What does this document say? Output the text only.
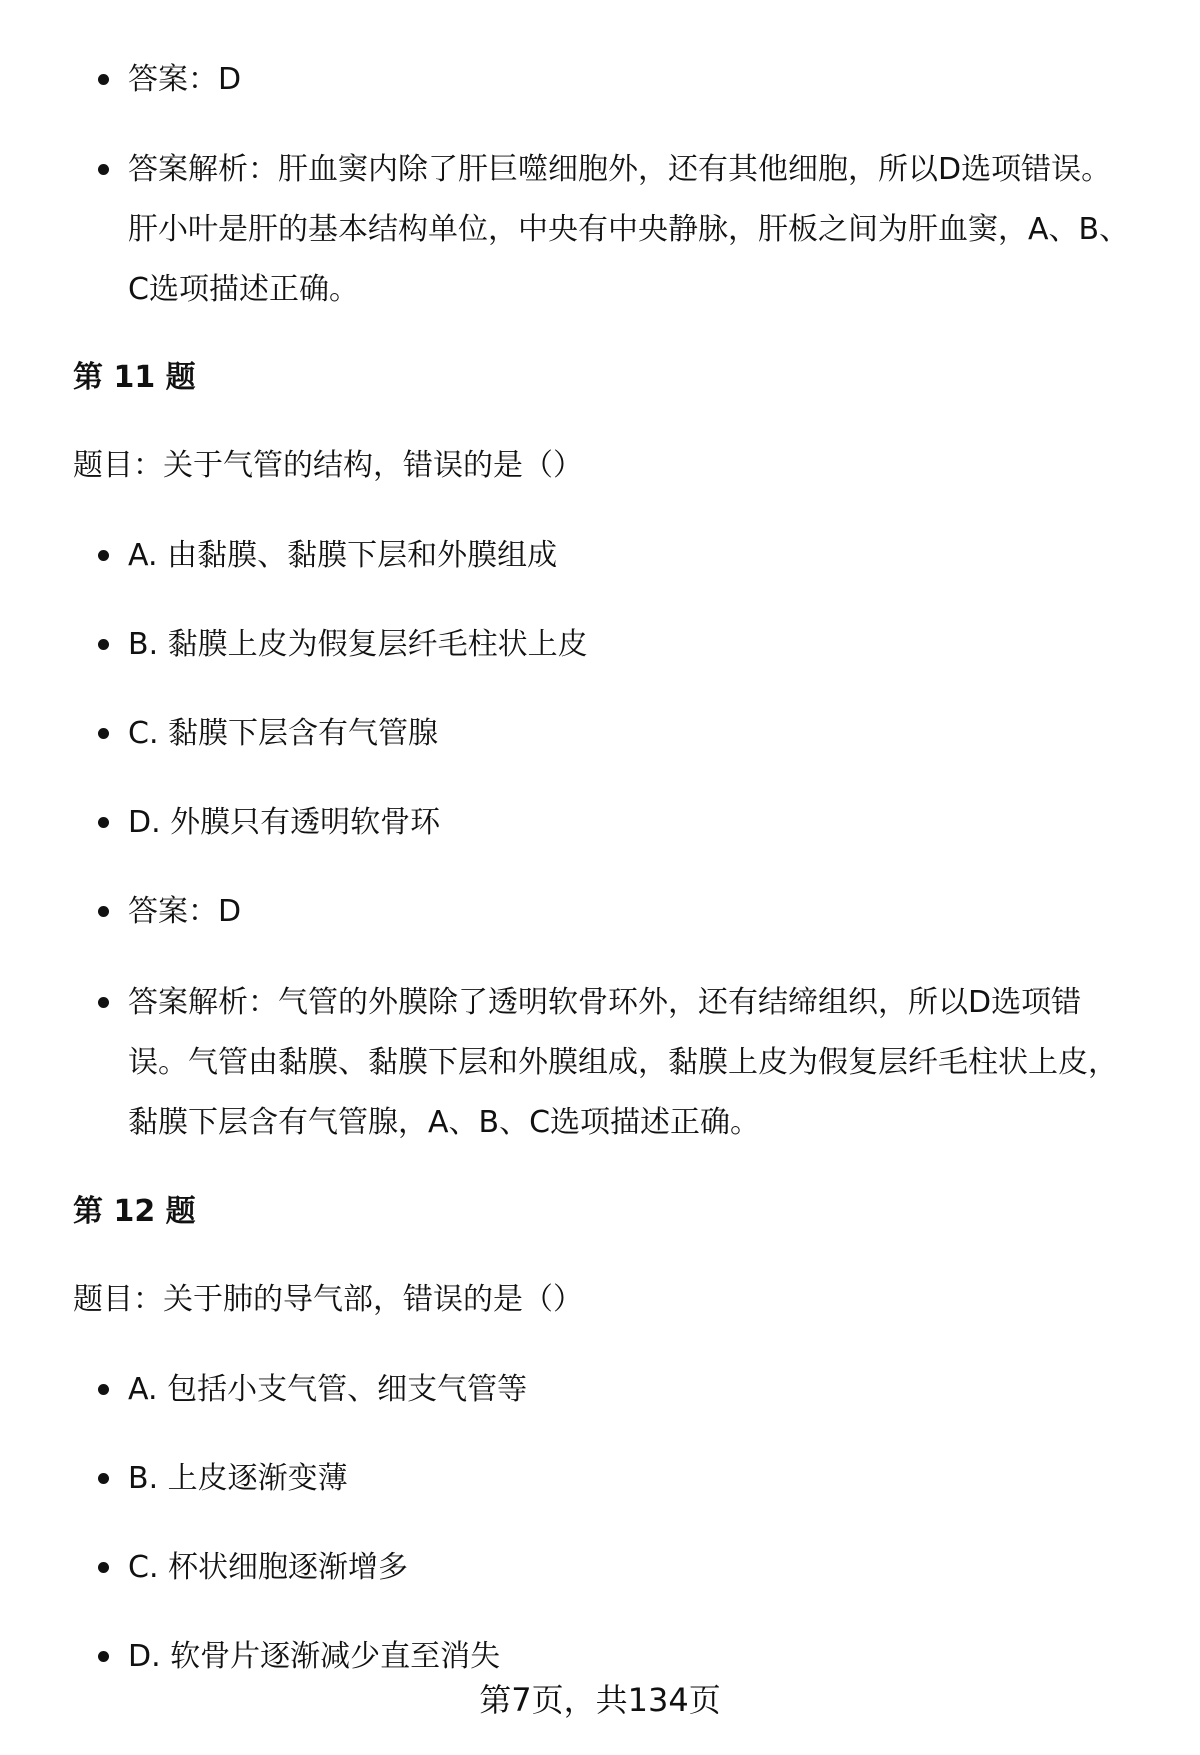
答案：D
答案解析：肝血窦内除了肝巨噬细胞外，还有其他细胞，所以D选项错误。肝小叶是肝的基本结构单位，中央有中央静脉，肝板之间为肝血窦，A、B、C选项描述正确。
第 11 题
题目：关于气管的结构，错误的是（）
A. 由黏膜、黏膜下层和外膜组成
B. 黏膜上皮为假复层纤毛柱状上皮
C. 黏膜下层含有气管腺
D. 外膜只有透明软骨环
答案：D
答案解析：气管的外膜除了透明软骨环外，还有结缔组织，所以D选项错误。气管由黏膜、黏膜下层和外膜组成，黏膜上皮为假复层纤毛柱状上皮，黏膜下层含有气管腺，A、B、C选项描述正确。
第 12 题
题目：关于肺的导气部，错误的是（）
A. 包括小支气管、细支气管等
B. 上皮逐渐变薄
C. 杯状细胞逐渐增多
D. 软骨片逐渐减少直至消失
第7页，共134页
